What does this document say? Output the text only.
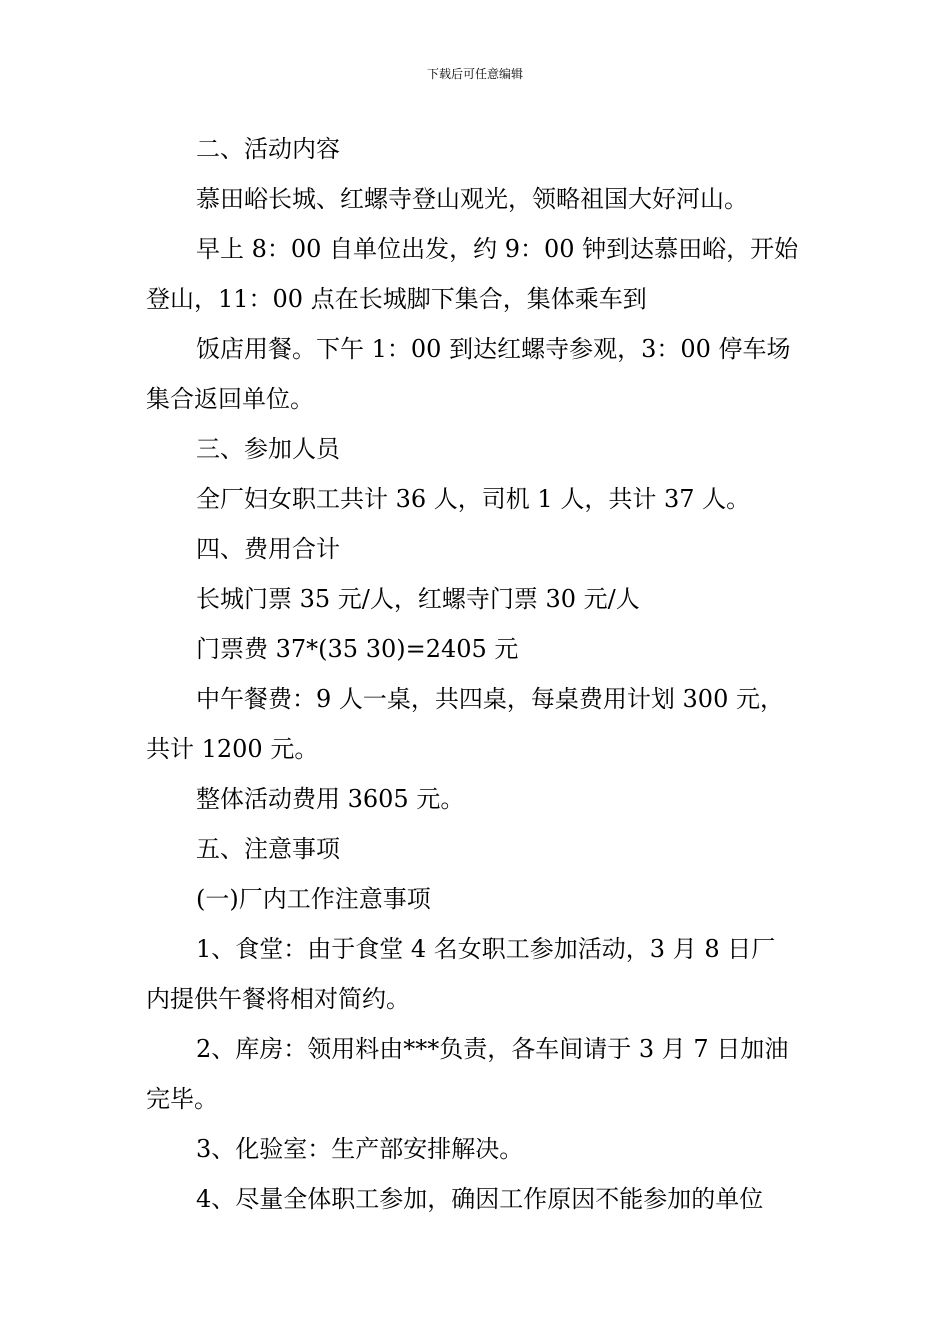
下载后可任意编辑
二、活动内容
慕田峪长城、红螺寺登山观光，领略祖国大好河山。
早上 8：00 自单位出发，约 9：00 钟到达慕田峪，开始
登山，11：00 点在长城脚下集合，集体乘车到
饭店用餐。下午 1：00 到达红螺寺参观，3：00 停车场
集合返回单位。
三、参加人员
全厂妇女职工共计 36 人，司机 1 人，共计 37 人。
四、费用合计
长城门票 35 元/人，红螺寺门票 30 元/人
门票费 37*(35 30)=2405 元
中午餐费：9 人一桌，共四桌，每桌费用计划 300 元，
共计 1200 元。
整体活动费用 3605 元。
五、注意事项
(一)厂内工作注意事项
1、食堂：由于食堂 4 名女职工参加活动，3 月 8 日厂
内提供午餐将相对简约。
2、库房：领用料由***负责，各车间请于 3 月 7 日加油
完毕。
3、化验室：生产部安排解决。
4、尽量全体职工参加，确因工作原因不能参加的单位
